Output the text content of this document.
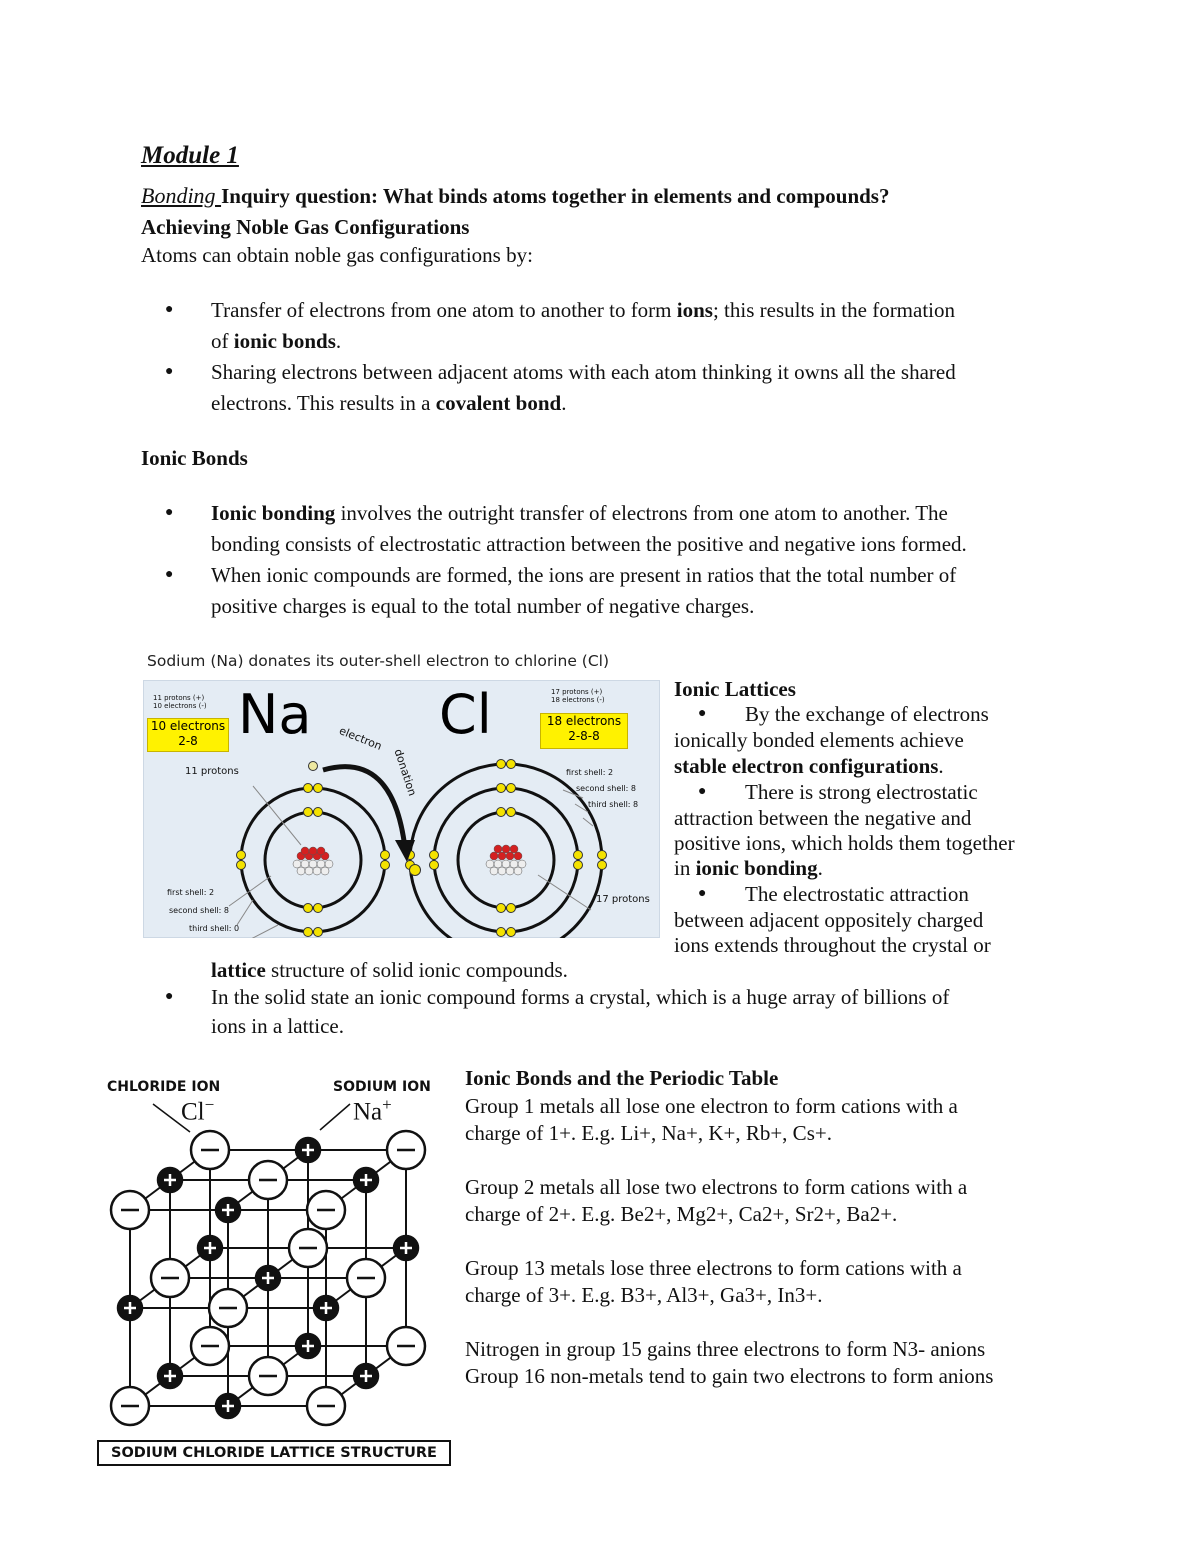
Module 1
Bonding Inquiry question: What binds atoms together in elements and compounds?
Achieving Noble Gas Configurations
Atoms can obtain noble gas configurations by:
● Transfer of electrons from one atom to another to form ions; this results in the formation
of ionic bonds.
● Sharing electrons between adjacent atoms with each atom thinking it owns all the shared
electrons. This results in a covalent bond.
Ionic Bonds
● Ionic bonding involves the outright transfer of electrons from one atom to another. The
bonding consists of electrostatic attraction between the positive and negative ions formed.
● When ionic compounds are formed, the ions are present in ratios that the total number of
positive charges is equal to the total number of negative charges.
Sodium (Na) donates its outer-shell electron to chlorine (Cl)
Na Cl
11 protons (+)
10 electrons (-)
10 electrons
2-8
17 protons (+)
18 electrons (-)
18 electrons
2-8-8
electron
donation
11 protons
first shell: 2
second shell: 8
third shell: 0
first shell: 2
second shell: 8
third shell: 8
17 protons
Ionic Lattices
● By the exchange of electrons
ionically bonded elements achieve
stable electron configurations.
● There is strong electrostatic
attraction between the negative and
positive ions, which holds them together
in ionic bonding.
● The electrostatic attraction
between adjacent oppositely charged
ions extends throughout the crystal or
lattice structure of solid ionic compounds.
● In the solid state an ionic compound forms a crystal, which is a huge array of billions of
ions in a lattice.
CHLORIDE ION
Cl−
SODIUM ION
Na+
SODIUM CHLORIDE LATTICE STRUCTURE
Ionic Bonds and the Periodic Table
Group 1 metals all lose one electron to form cations with a
charge of 1+. E.g. Li+, Na+, K+, Rb+, Cs+.
Group 2 metals all lose two electrons to form cations with a
charge of 2+. E.g. Be2+, Mg2+, Ca2+, Sr2+, Ba2+.
Group 13 metals lose three electrons to form cations with a
charge of 3+. E.g. B3+, Al3+, Ga3+, In3+.
Nitrogen in group 15 gains three electrons to form N3- anions
Group 16 non-metals tend to gain two electrons to form anions
